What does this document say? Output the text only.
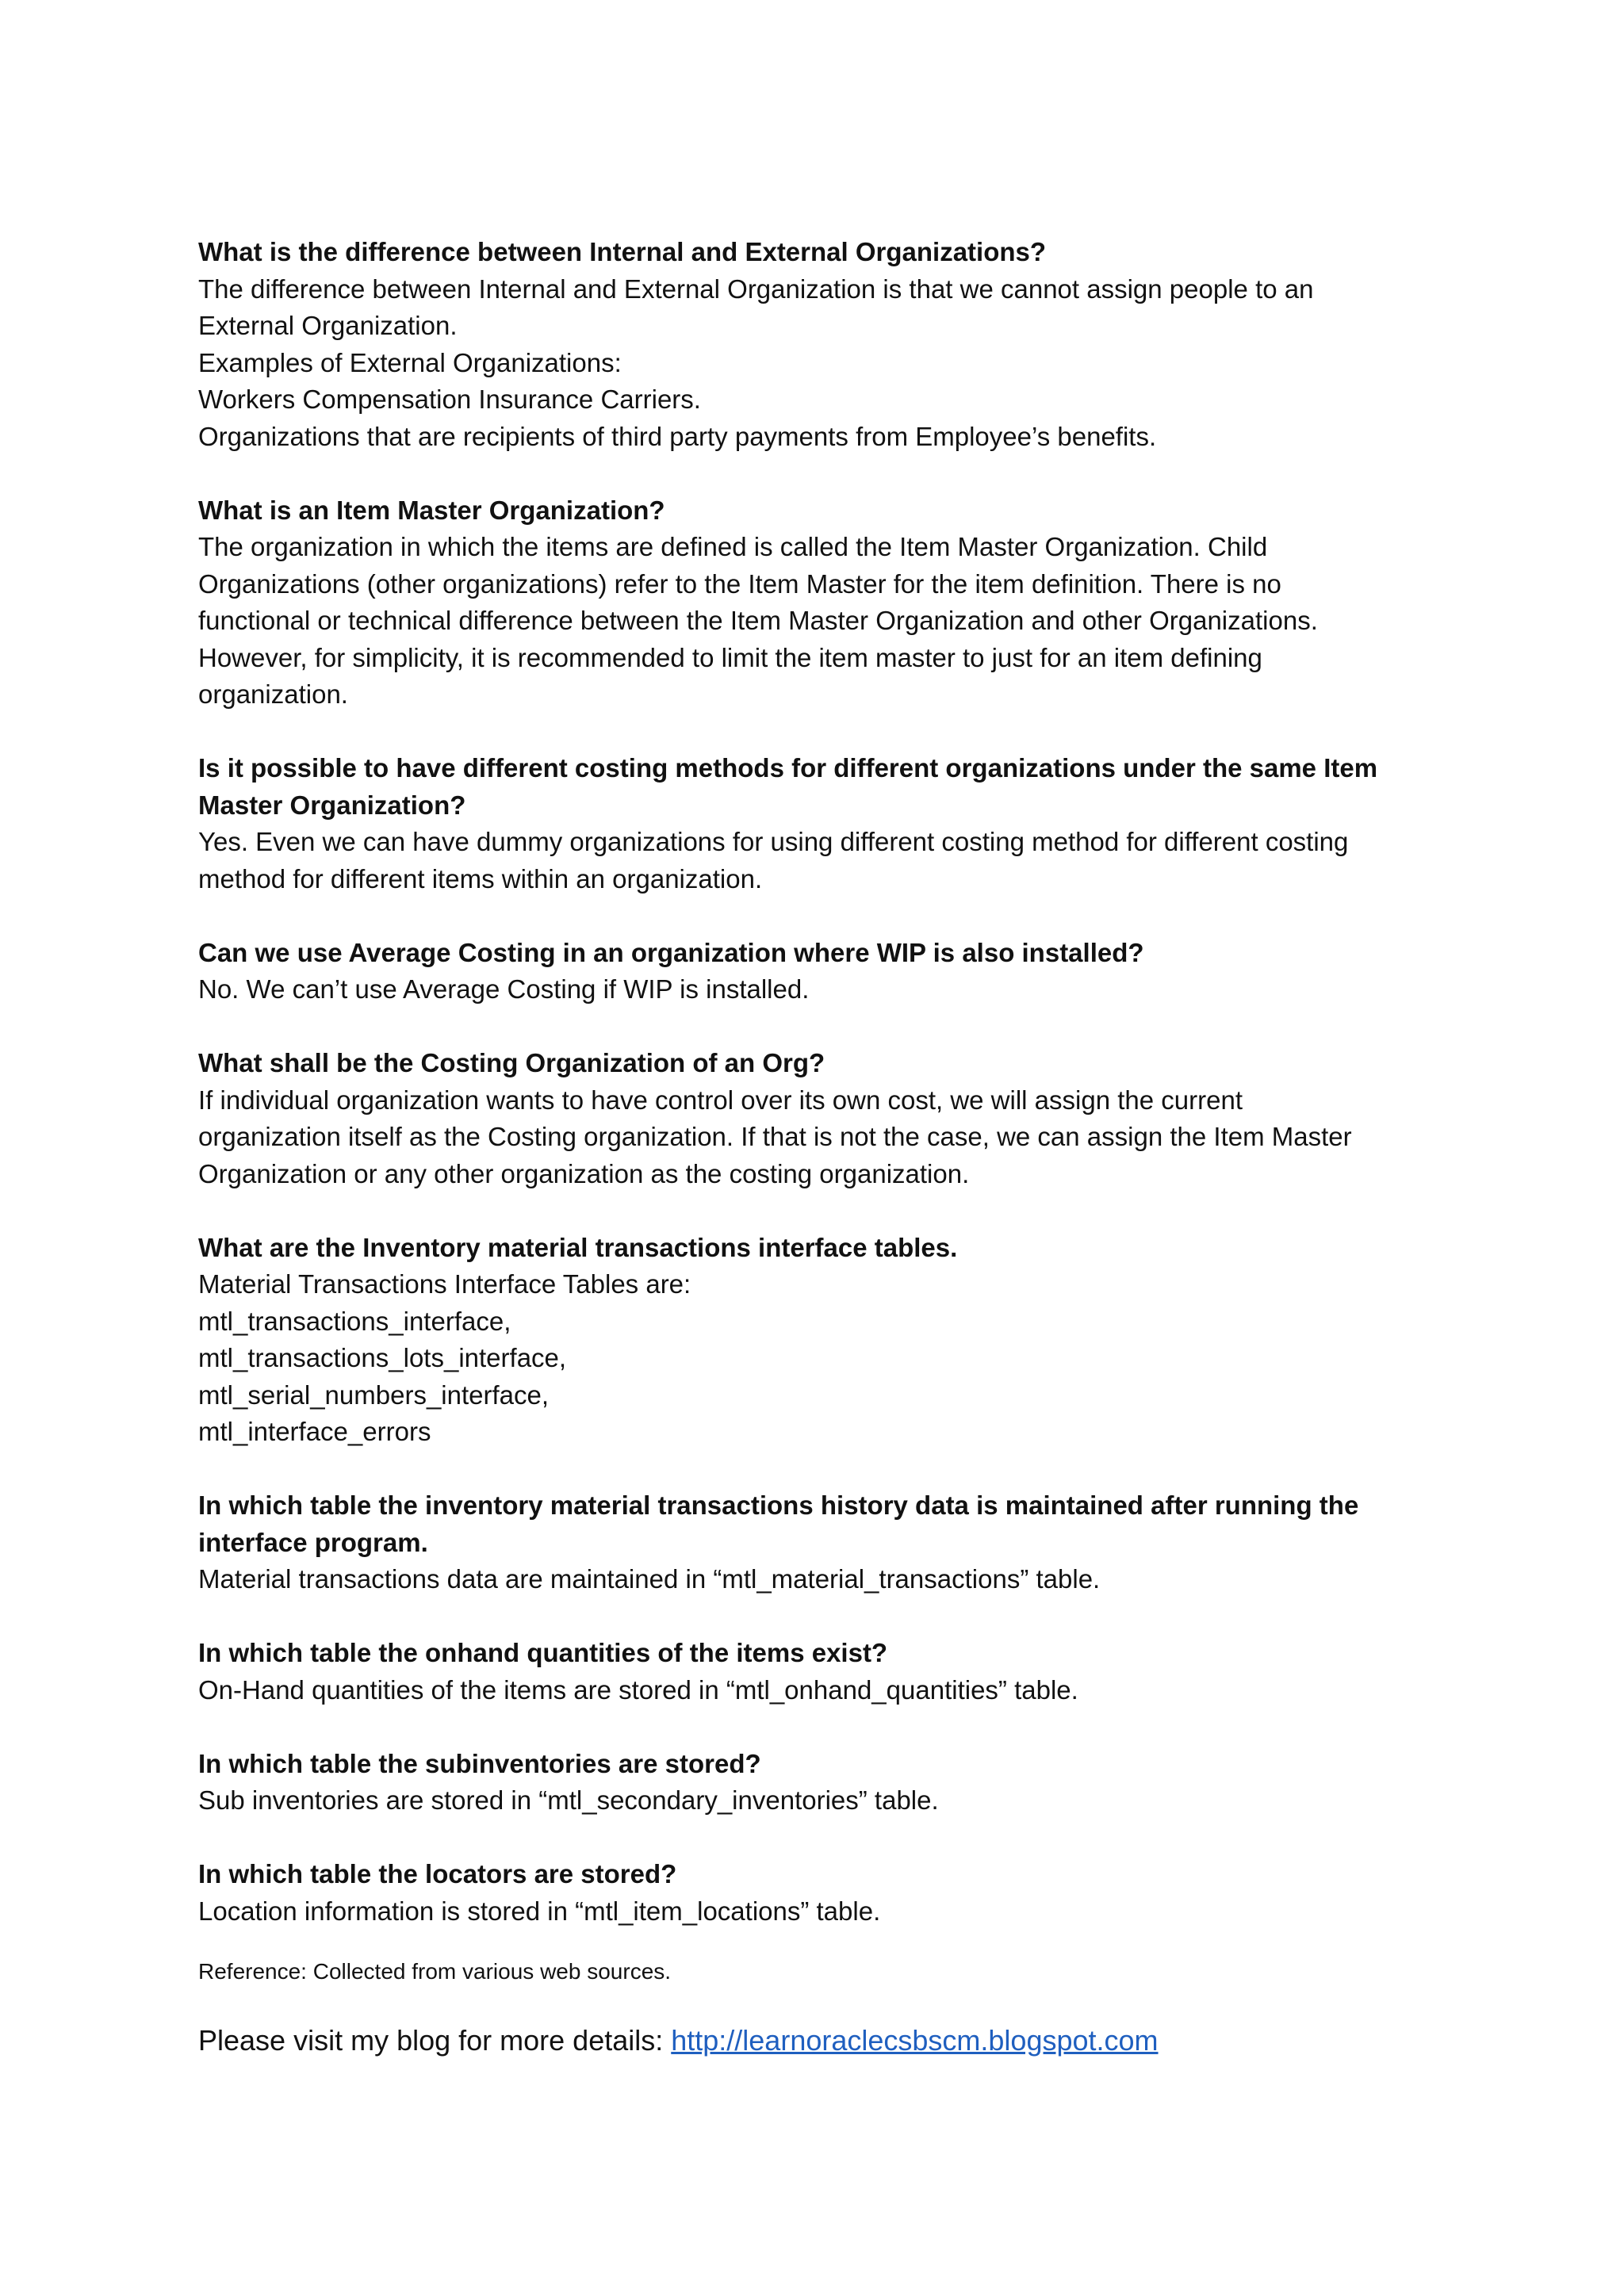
What is the difference between Internal and External Organizations?
The difference between Internal and External Organization is that we cannot assign people to an
External Organization.
Examples of External Organizations:
Workers Compensation Insurance Carriers.
Organizations that are recipients of third party payments from Employee’s benefits.
What is an Item Master Organization?
The organization in which the items are defined is called the Item Master Organization. Child
Organizations (other organizations) refer to the Item Master for the item definition. There is no
functional or technical difference between the Item Master Organization and other Organizations.
However, for simplicity, it is recommended to limit the item master to just for an item defining
organization.
Is it possible to have different costing methods for different organizations under the same Item
Master Organization?
Yes. Even we can have dummy organizations for using different costing method for different costing
method for different items within an organization.
Can we use Average Costing in an organization where WIP is also installed?
No. We can’t use Average Costing if WIP is installed.
What shall be the Costing Organization of an Org?
If individual organization wants to have control over its own cost, we will assign the current
organization itself as the Costing organization. If that is not the case, we can assign the Item Master
Organization or any other organization as the costing organization.
What are the Inventory material transactions interface tables.
Material Transactions Interface Tables are:
mtl_transactions_interface,
mtl_transactions_lots_interface,
mtl_serial_numbers_interface,
mtl_interface_errors
In which table the inventory material transactions history data is maintained after running the
interface program.
Material transactions data are maintained in “mtl_material_transactions” table.
In which table the onhand quantities of the items exist?
On-Hand quantities of the items are stored in “mtl_onhand_quantities” table.
In which table the subinventories are stored?
Sub inventories are stored in “mtl_secondary_inventories” table.
In which table the locators are stored?
Location information is stored in “mtl_item_locations” table.
Reference: Collected from various web sources.
Please visit my blog for more details: http://learnoraclecsbscm.blogspot.com
